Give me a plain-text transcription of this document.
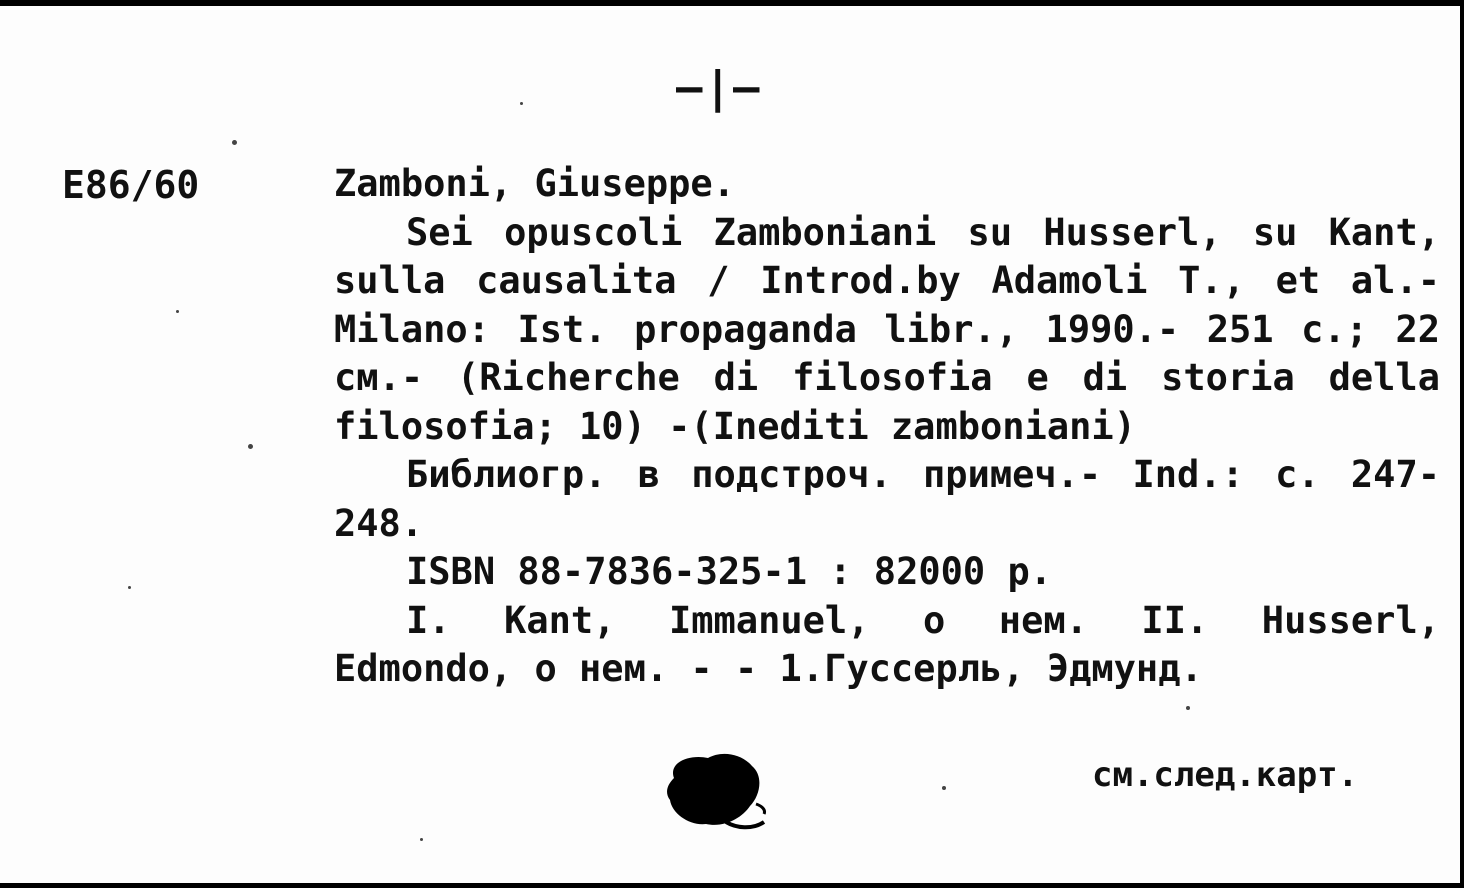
—|—
E86/60	Zamboni, Giuseppe.

Sei opuscoli Zamboniani su Husserl, su Kant, sulla causalita / Introd.by Adamoli T., et al.- Milano: Ist. propaganda libr., 1990.- 251 с.; 22 см.- (Richerche di filosofia e di storia della filosofia; 10) -(Inediti zamboniani)

Библиогр. в подстроч. примеч.- Ind.: с. 247- 248.

ISBN 88-7836-325-1 : 82000 р.

I. Kant, Immanuel, о нем. II. Husserl, Edmondo, о нем. - - 1.Гуссерль, Эдмунд.

см.след.карт.
